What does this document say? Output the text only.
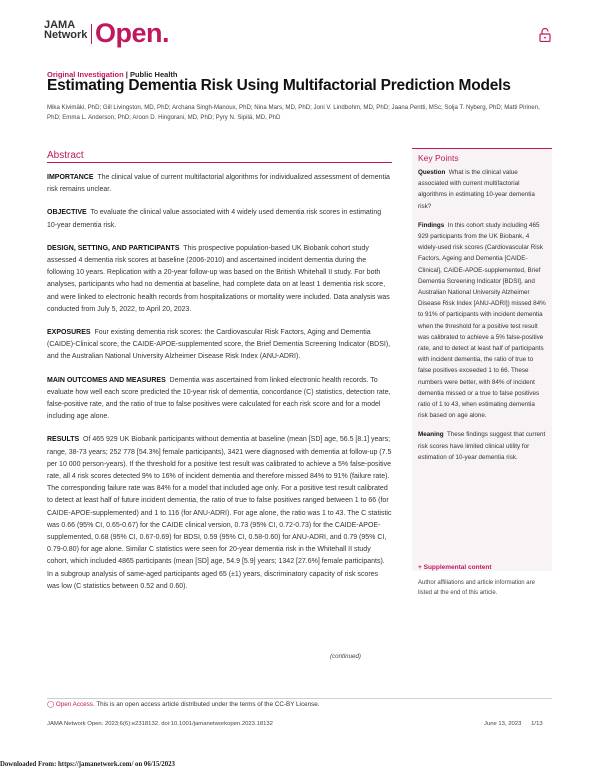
JAMA
Network Open.
Original Investigation | Public Health
Estimating Dementia Risk Using Multifactorial Prediction Models
Mika Kivimäki, PhD; Gill Livingston, MD, PhD; Archana Singh-Manoux, PhD; Nina Mars, MD, PhD; Joni V. Lindbohm, MD, PhD; Jaana Pentti, MSc; Solja T. Nyberg, PhD; Matti Pirinen, PhD; Emma L. Anderson, PhD; Aroon D. Hingorani, MD, PhD; Pyry N. Sipilä, MD, PhD
Abstract

IMPORTANCE The clinical value of current multifactorial algorithms for individualized assessment of dementia risk remains unclear.

OBJECTIVE To evaluate the clinical value associated with 4 widely used dementia risk scores in estimating 10-year dementia risk.

DESIGN, SETTING, AND PARTICIPANTS This prospective population-based UK Biobank cohort study assessed 4 dementia risk scores at baseline (2006-2010) and ascertained incident dementia during the following 10 years. Replication with a 20-year follow-up was based on the British Whitehall II study. For both analyses, participants who had no dementia at baseline, had complete data on at least 1 dementia risk score, and were linked to electronic health records from hospitalizations or mortality were included. Data analysis was conducted from July 5, 2022, to April 20, 2023.

EXPOSURES Four existing dementia risk scores: the Cardiovascular Risk Factors, Aging and Dementia (CAIDE)-Clinical score, the CAIDE-APOE-supplemented score, the Brief Dementia Screening Indicator (BDSI), and the Australian National University Alzheimer Disease Risk Index (ANU-ADRI).

MAIN OUTCOMES AND MEASURES Dementia was ascertained from linked electronic health records. To evaluate how well each score predicted the 10-year risk of dementia, concordance (C) statistics, detection rate, false-positive rate, and the ratio of true to false positives were calculated for each risk score and for a model including age alone.

RESULTS Of 465 929 UK Biobank participants without dementia at baseline (mean [SD] age, 56.5 [8.1] years; range, 38-73 years; 252 778 [54.3%] female participants), 3421 were diagnosed with dementia at follow-up (7.5 per 10 000 person-years). If the threshold for a positive test result was calibrated to achieve a 5% false-positive rate, all 4 risk scores detected 9% to 16% of incident dementia and therefore missed 84% to 91% (failure rate). The corresponding failure rate was 84% for a model that included age only. For a positive test result calibrated to detect at least half of future incident dementia, the ratio of true to false positives ranged between 1 to 66 (for CAIDE-APOE-supplemented) and 1 to 116 (for ANU-ADRI). For age alone, the ratio was 1 to 43. The C statistic was 0.66 (95% CI, 0.65-0.67) for the CAIDE clinical version, 0.73 (95% CI, 0.72-0.73) for the CAIDE-APOE-supplemented, 0.68 (95% CI, 0.67-0.69) for BDSI, 0.59 (95% CI, 0.58-0.60) for ANU-ADRI, and 0.79 (95% CI, 0.79-0.80) for age alone. Similar C statistics were seen for 20-year dementia risk in the Whitehall II study cohort, which included 4865 participants (mean [SD] age, 54.9 [5.9] years; 1342 [27.6%] female participants). In a subgroup analysis of same-aged participants aged 65 (±1) years, discriminatory capacity of risk scores was low (C statistics between 0.52 and 0.60).

(continued)
Key Points

Question What is the clinical value associated with current multifactorial algorithms in estimating 10-year dementia risk?

Findings In this cohort study including 465 929 participants from the UK Biobank, 4 widely-used risk scores (Cardiovascular Risk Factors, Ageing and Dementia [CAIDE-Clinical], CAIDE-APOE-supplemented, Brief Dementia Screening Indicator [BDSI], and Australian National University Alzheimer Disease Risk Index [ANU-ADRI]) missed 84% to 91% of participants with incident dementia when the threshold for a positive test result was calibrated to achieve a 5% false-positive rate, and to detect at least half of participants with incident dementia, the ratio of true to false positives exceeded 1 to 66. These numbers were better, with 84% of incident dementia missed or a true to false positives ratio of 1 to 43, when estimating dementia risk based on age alone.

Meaning These findings suggest that current risk scores have limited clinical utility for estimation of 10-year dementia risk.

+ Supplemental content
Author affiliations and article information are listed at the end of this article.
◯ Open Access. This is an open access article distributed under the terms of the CC-BY License.
JAMA Network Open. 2023;6(6):e2318132. doi:10.1001/jamanetworkopen.2023.18132	June 13, 2023      1/13
Downloaded From: https://jamanetwork.com/ on 06/15/2023
